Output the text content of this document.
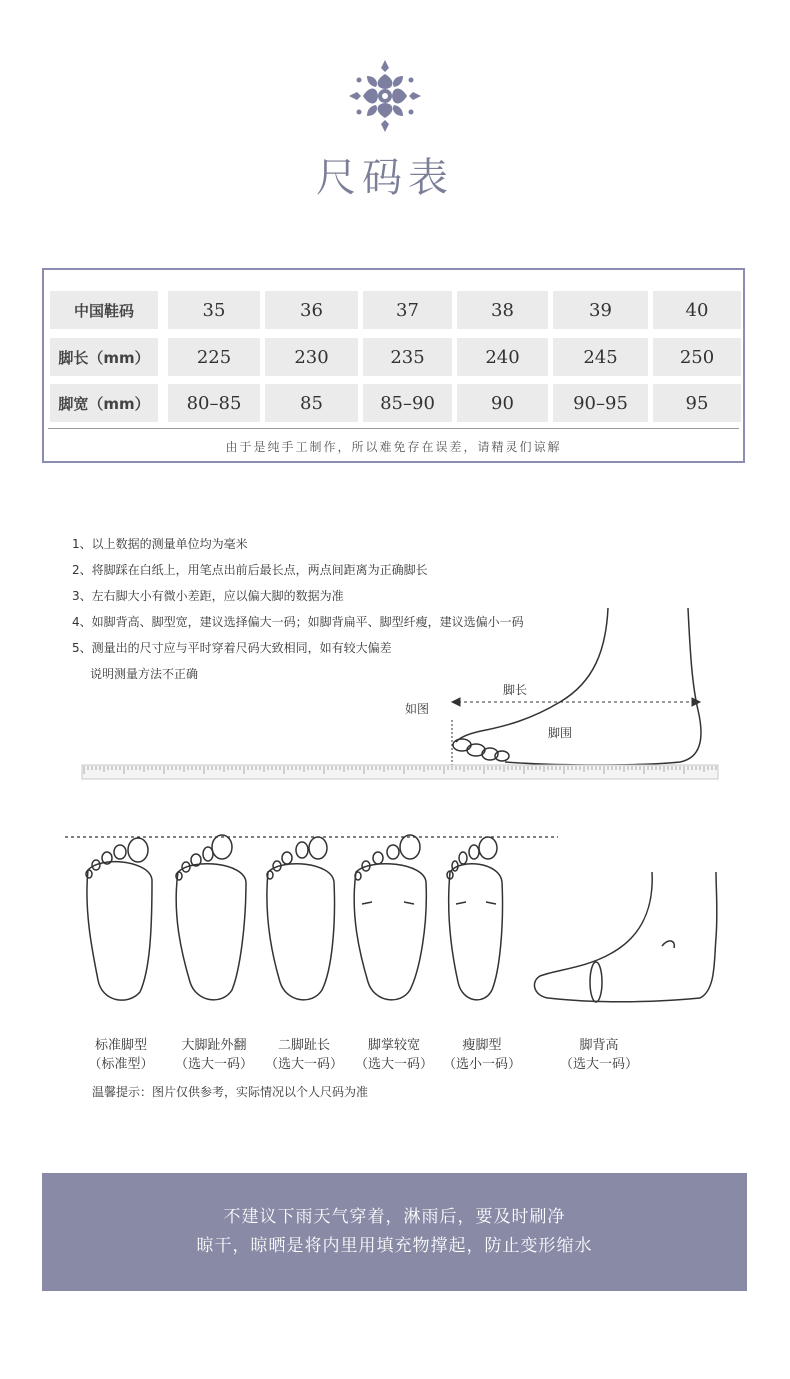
尺码表
中国鞋码	35	36	37	38	39	40
脚长（mm）	225	230	235	240	245	250
脚宽（mm）	80–85	85	85–90	90	90–95	95
由于是纯手工制作，所以难免存在误差，请精灵们谅解
1、以上数据的测量单位均为毫米
2、将脚踩在白纸上，用笔点出前后最长点，两点间距离为正确脚长
3、左右脚大小有微小差距，应以偏大脚的数据为准
4、如脚背高、脚型宽，建议选择偏大一码；如脚背扁平、脚型纤瘦，建议选偏小一码
5、测量出的尺寸应与平时穿着尺码大致相同，如有较大偏差
说明测量方法不正确
如图
脚长
脚围
标准脚型
（标准型）
大脚趾外翻
（选大一码）
二脚趾长
（选大一码）
脚掌较宽
（选大一码）
瘦脚型
（选小一码）
脚背高
（选大一码）
温馨提示：图片仅供参考，实际情况以个人尺码为准
不建议下雨天气穿着，淋雨后，要及时刷净
晾干，晾晒是将内里用填充物撑起，防止变形缩水
